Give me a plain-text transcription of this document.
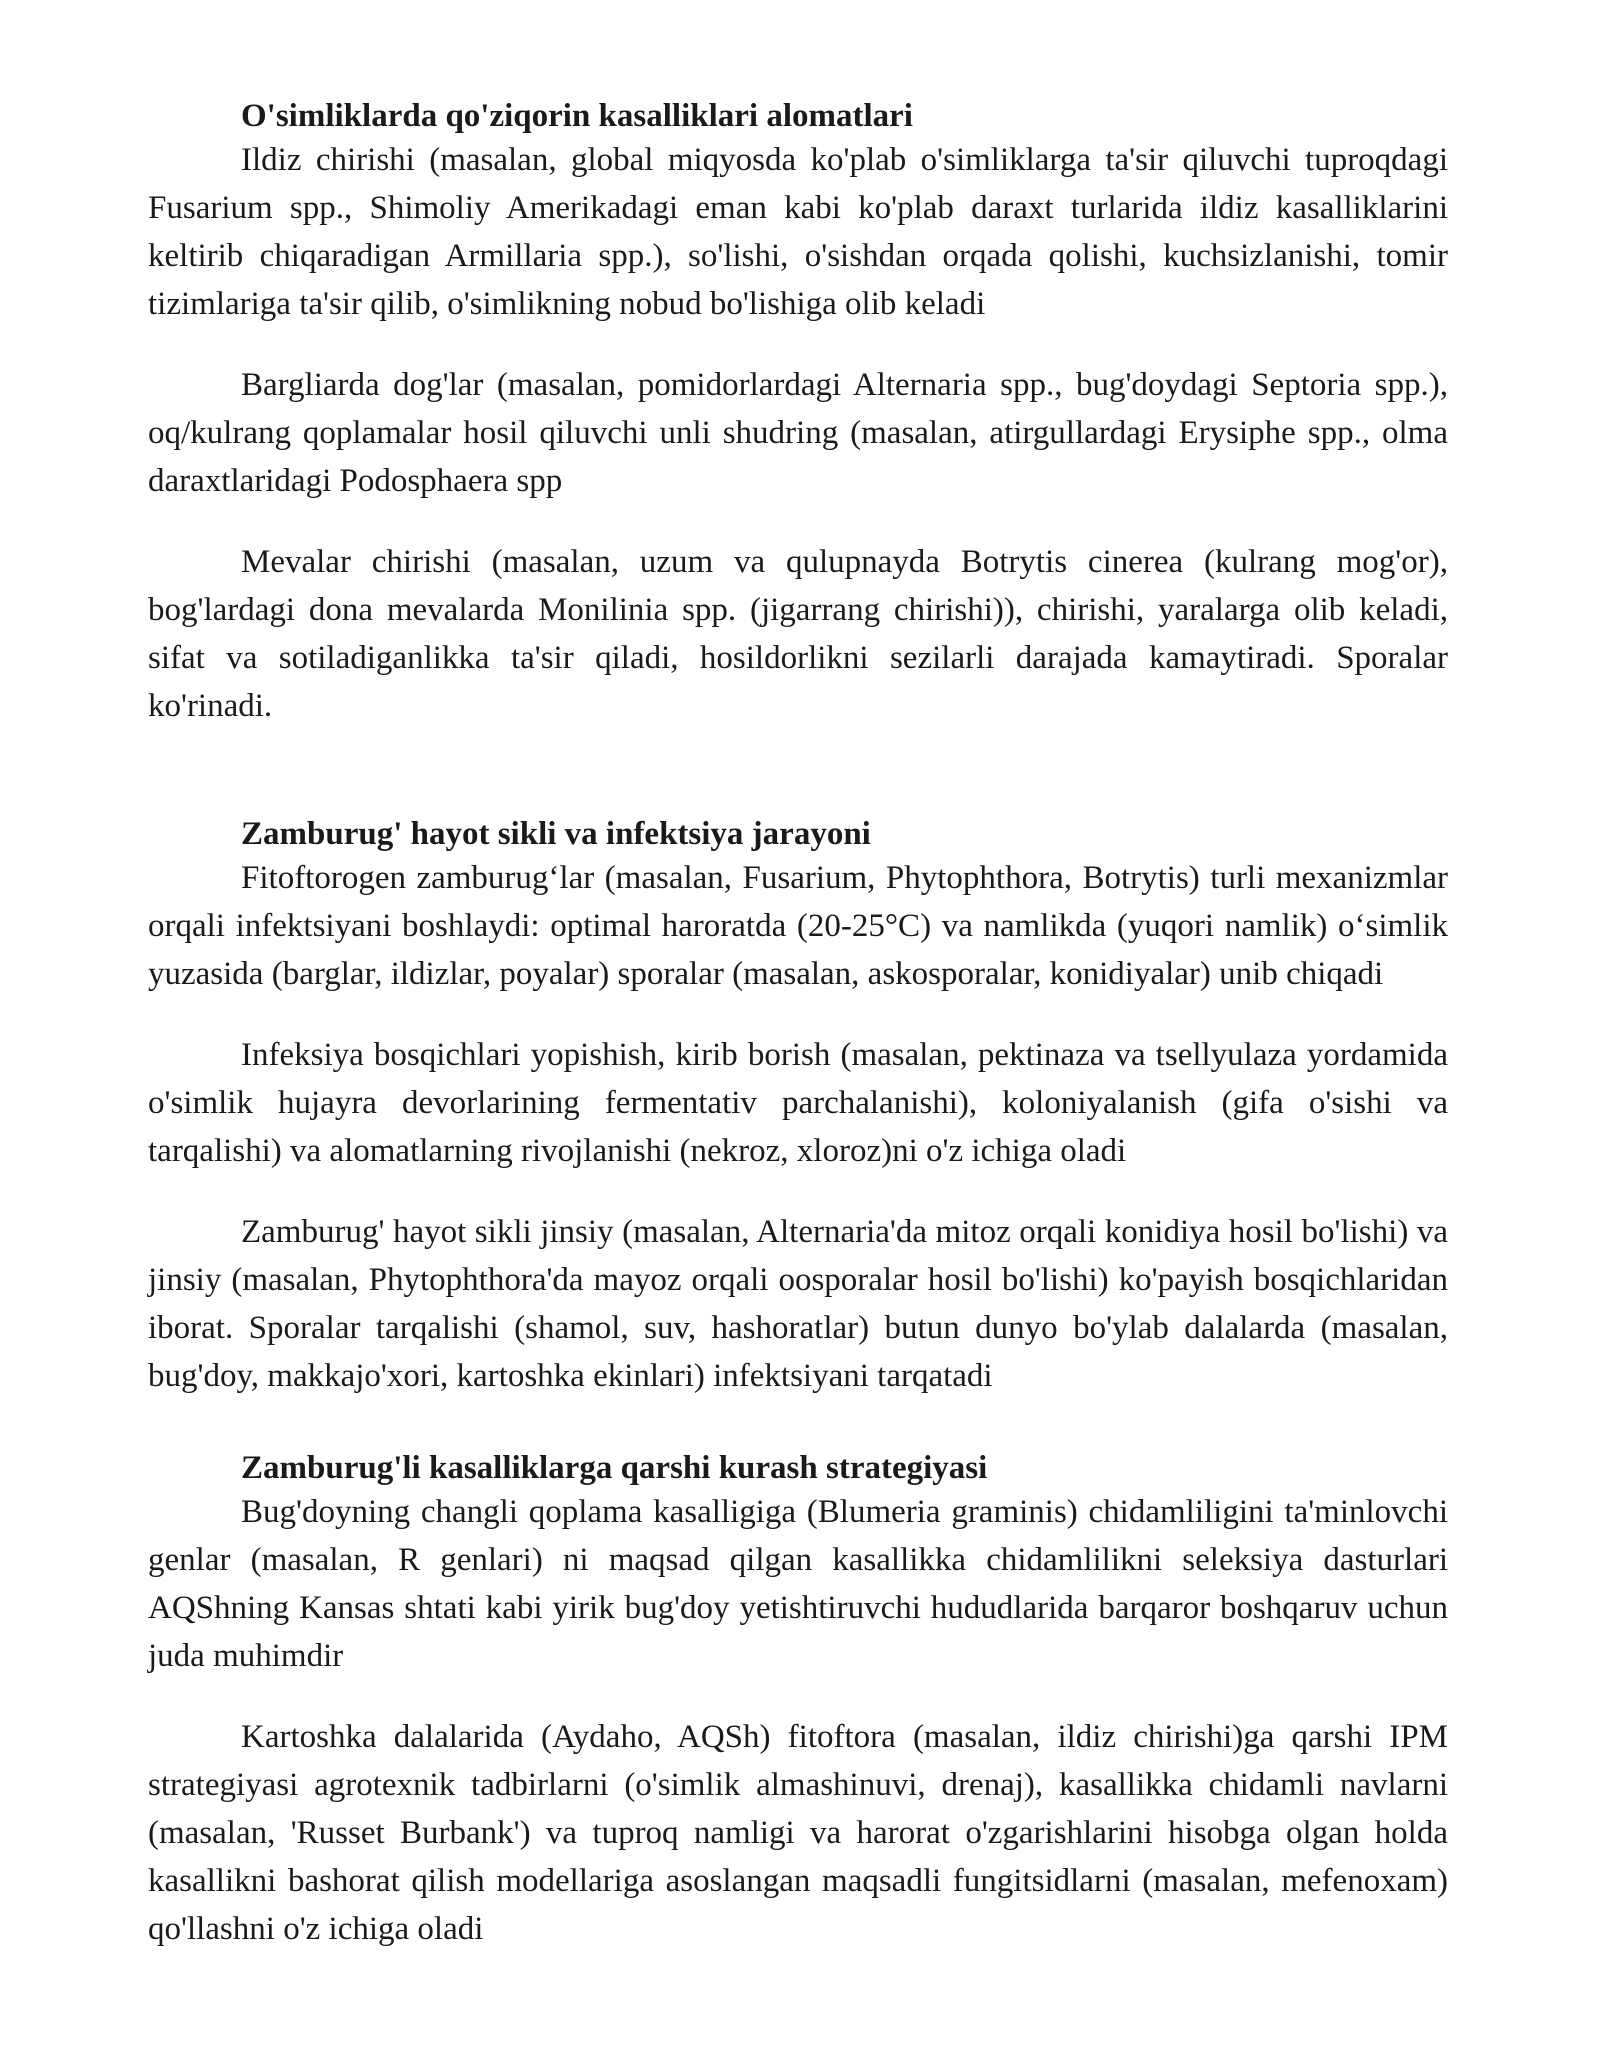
O'simliklarda qo'ziqorin kasalliklari alomatlari

Ildiz chirishi (masalan, global miqyosda ko'plab o'simliklarga ta'sir qiluvchi tuproqdagi Fusarium spp., Shimoliy Amerikadagi eman kabi ko'plab daraxt turlarida ildiz kasalliklarini keltirib chiqaradigan Armillaria spp.), so'lishi, o'sishdan orqada qolishi, kuchsizlanishi, tomir tizimlariga ta'sir qilib, o'simlikning nobud bo'lishiga olib keladi

Bargliarda dog'lar (masalan, pomidorlardagi Alternaria spp., bug'doydagi Septoria spp.), oq/kulrang qoplamalar hosil qiluvchi unli shudring (masalan, atirgullardagi Erysiphe spp., olma daraxtlaridagi Podosphaera spp

Mevalar chirishi (masalan, uzum va qulupnayda Botrytis cinerea (kulrang mog'or), bog'lardagi dona mevalarda Monilinia spp. (jigarrang chirishi)), chirishi, yaralarga olib keladi, sifat va sotiladiganlikka ta'sir qiladi, hosildorlikni sezilarli darajada kamaytiradi. Sporalar ko'rinadi.

Zamburug' hayot sikli va infektsiya jarayoni

Fitoftorogen zamburug‘lar (masalan, Fusarium, Phytophthora, Botrytis) turli mexanizmlar orqali infektsiyani boshlaydi: optimal haroratda (20-25°C) va namlikda (yuqori namlik) o‘simlik yuzasida (barglar, ildizlar, poyalar) sporalar (masalan, askosporalar, konidiyalar) unib chiqadi

Infeksiya bosqichlari yopishish, kirib borish (masalan, pektinaza va tsellyulaza yordamida o'simlik hujayra devorlarining fermentativ parchalanishi), koloniyalanish (gifa o'sishi va tarqalishi) va alomatlarning rivojlanishi (nekroz, xloroz)ni o'z ichiga oladi

Zamburug' hayot sikli jinsiy (masalan, Alternaria'da mitoz orqali konidiya hosil bo'lishi) va jinsiy (masalan, Phytophthora'da mayoz orqali oosporalar hosil bo'lishi) ko'payish bosqichlaridan iborat. Sporalar tarqalishi (shamol, suv, hashoratlar) butun dunyo bo'ylab dalalarda (masalan, bug'doy, makkajo'xori, kartoshka ekinlari) infektsiyani tarqatadi

Zamburug'li kasalliklarga qarshi kurash strategiyasi

Bug'doyning changli qoplama kasalligiga (Blumeria graminis) chidamliligini ta'minlovchi genlar (masalan, R genlari) ni maqsad qilgan kasallikka chidamlilikni seleksiya dasturlari AQShning Kansas shtati kabi yirik bug'doy yetishtiruvchi hududlarida barqaror boshqaruv uchun juda muhimdir

Kartoshka dalalarida (Aydaho, AQSh) fitoftora (masalan, ildiz chirishi)ga qarshi IPM strategiyasi agrotexnik tadbirlarni (o'simlik almashinuvi, drenaj), kasallikka chidamli navlarni (masalan, 'Russet Burbank') va tuproq namligi va harorat o'zgarishlarini hisobga olgan holda kasallikni bashorat qilish modellariga asoslangan maqsadli fungitsidlarni (masalan, mefenoxam) qo'llashni o'z ichiga oladi
